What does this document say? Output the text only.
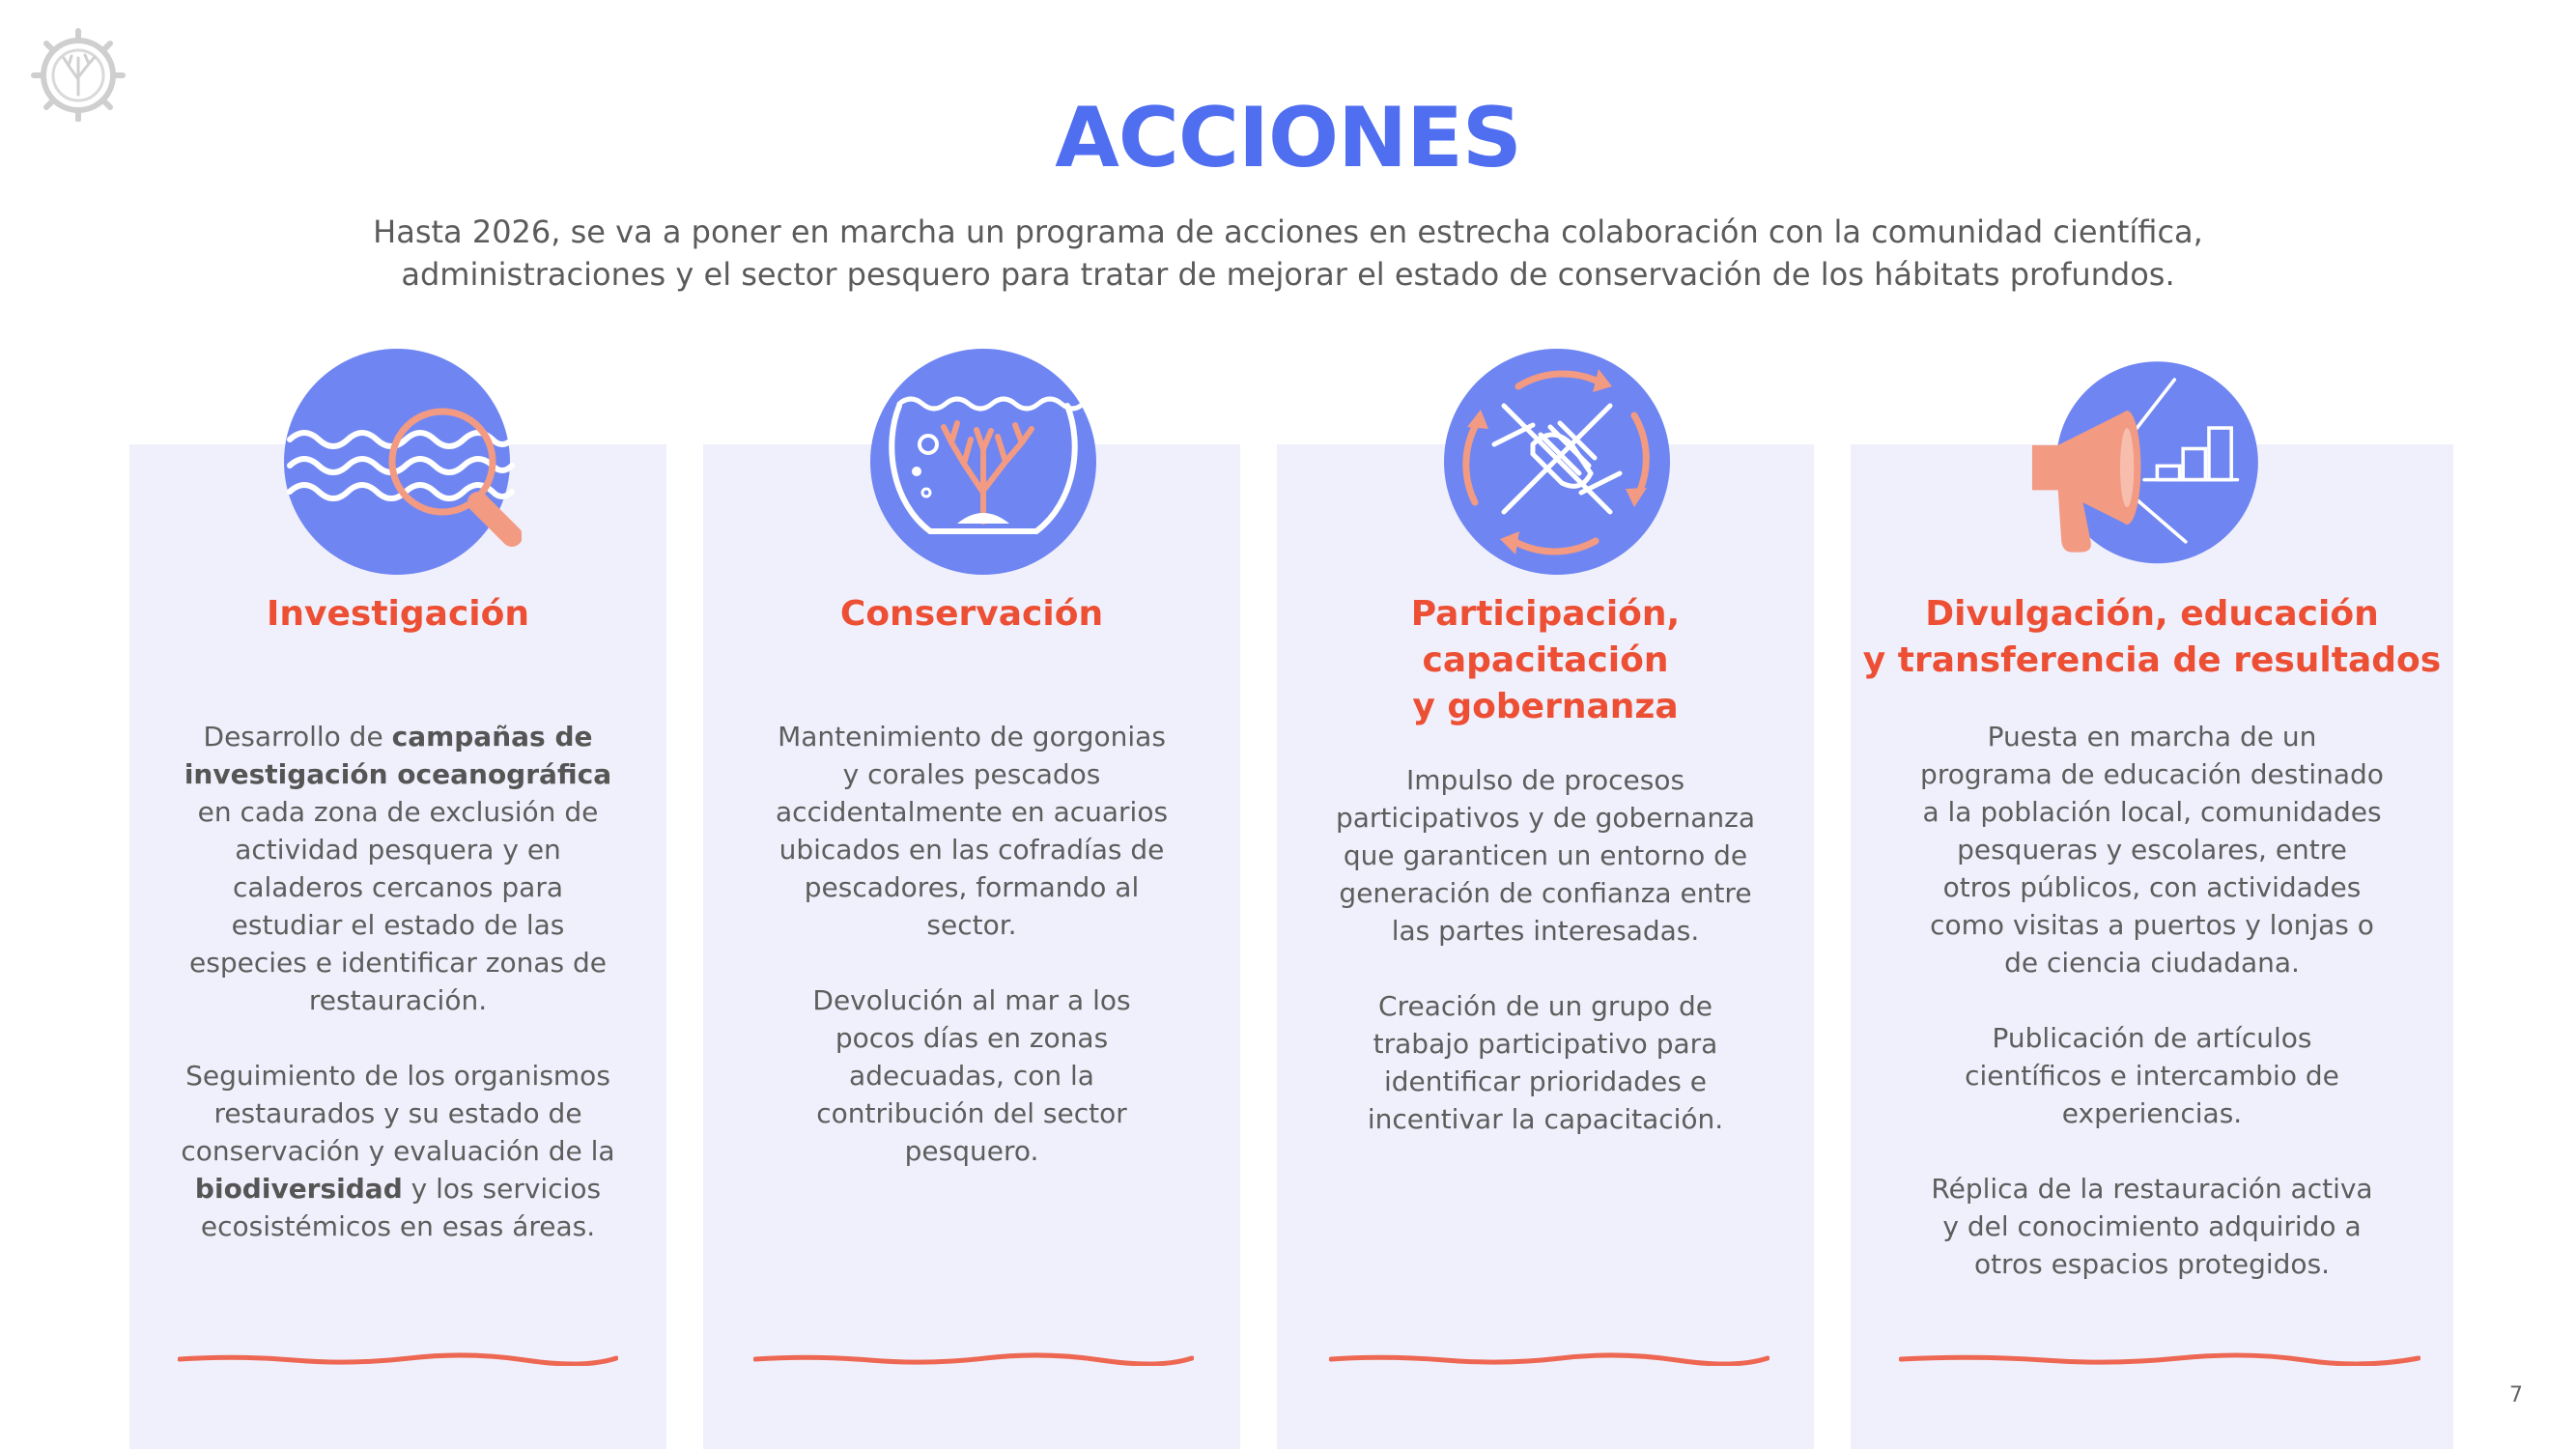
ACCIONES
Hasta 2026, se va a poner en marcha un programa de acciones en estrecha colaboración con la comunidad científica,
administraciones y el sector pesquero para tratar de mejorar el estado de conservación de los hábitats profundos.
Investigación

Desarrollo de campañas de investigación oceanográfica en cada zona de exclusión de actividad pesquera y en caladeros cercanos para estudiar el estado de las especies e identificar zonas de restauración.

Seguimiento de los organismos restaurados y su estado de conservación y evaluación de la biodiversidad y los servicios ecosistémicos en esas áreas.

Conservación

Mantenimiento de gorgonias y corales pescados accidentalmente en acuarios ubicados en las cofradías de pescadores, formando al sector.

Devolución al mar a los pocos días en zonas adecuadas, con la contribución del sector pesquero.

Participación,
capacitación
y gobernanza

Impulso de procesos participativos y de gobernanza que garanticen un entorno de generación de confianza entre las partes interesadas.

Creación de un grupo de trabajo participativo para identificar prioridades e incentivar la capacitación.

Divulgación, educación
y transferencia de resultados

Puesta en marcha de un programa de educación destinado a la población local, comunidades pesqueras y escolares, entre otros públicos, con actividades como visitas a puertos y lonjas o de ciencia ciudadana.

Publicación de artículos científicos e intercambio de experiencias.

Réplica de la restauración activa y del conocimiento adquirido a otros espacios protegidos.

7
